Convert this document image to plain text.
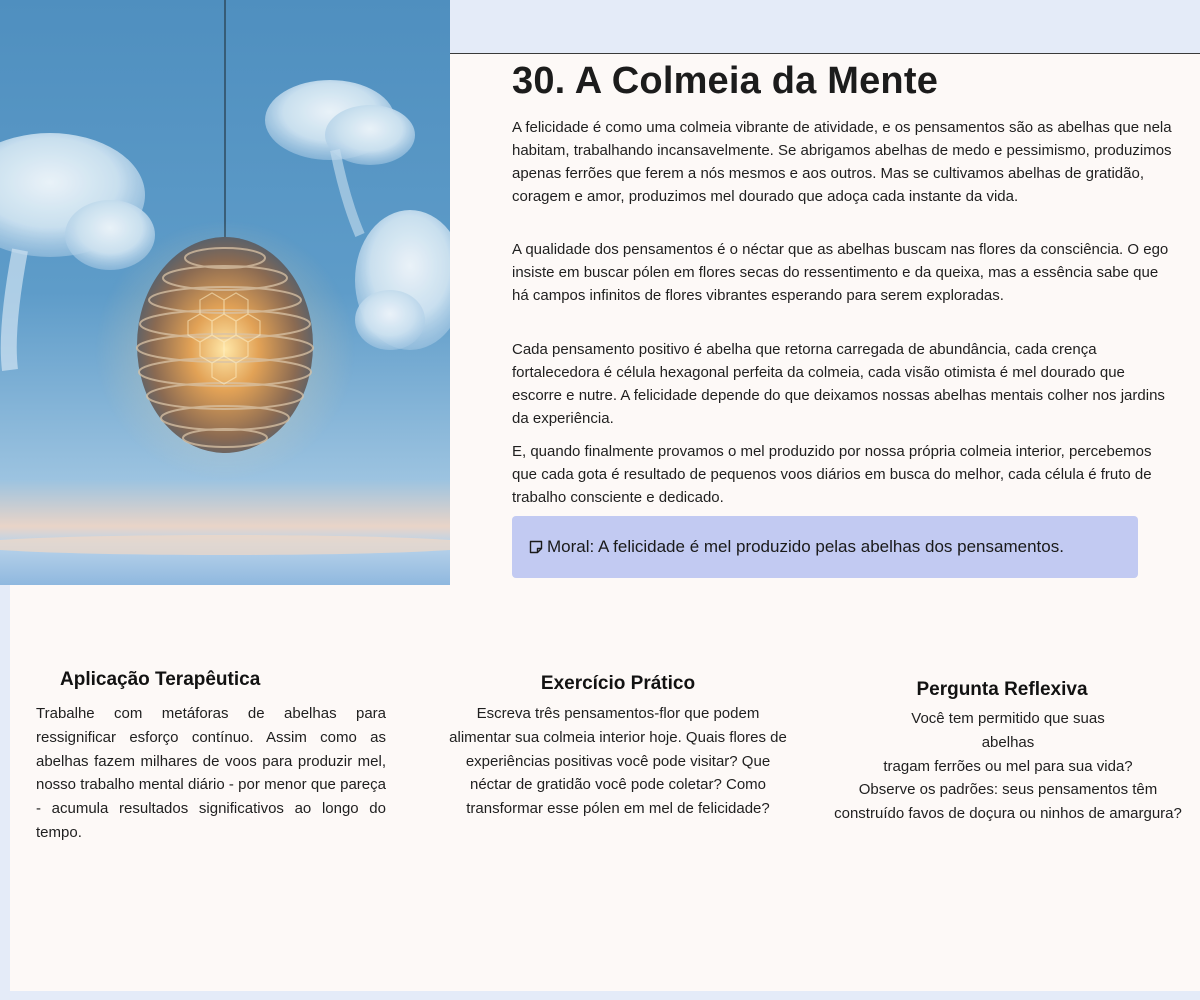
30. A Colmeia da Mente

A felicidade é como uma colmeia vibrante de atividade, e os pensamentos são as abelhas que nela habitam, trabalhando incansavelmente. Se abrigamos abelhas de medo e pessimismo, produzimos apenas ferrões que ferem a nós mesmos e aos outros. Mas se cultivamos abelhas de gratidão, coragem e amor, produzimos mel dourado que adoça cada instante da vida.

A qualidade dos pensamentos é o néctar que as abelhas buscam nas flores da consciência. O ego insiste em buscar pólen em flores secas do ressentimento e da queixa, mas a essência sabe que há campos infinitos de flores vibrantes esperando para serem exploradas.

Cada pensamento positivo é abelha que retorna carregada de abundância, cada crença fortalecedora é célula hexagonal perfeita da colmeia, cada visão otimista é mel dourado que escorre e nutre. A felicidade depende do que deixamos nossas abelhas mentais colher nos jardins da experiência.

E, quando finalmente provamos o mel produzido por nossa própria colmeia interior, percebemos que cada gota é resultado de pequenos voos diários em busca do melhor, cada célula é fruto de trabalho consciente e dedicado.

Moral: A felicidade é mel produzido pelas abelhas dos pensamentos.
Aplicação Terapêutica

Trabalhe com metáforas de abelhas para ressignificar esforço contínuo. Assim como as abelhas fazem milhares de voos para produzir mel, nosso trabalho mental diário - por menor que pareça - acumula resultados significativos ao longo do tempo.

Exercício Prático

Escreva três pensamentos-flor que podem alimentar sua colmeia interior hoje. Quais flores de experiências positivas você pode visitar? Que néctar de gratidão você pode coletar? Como transformar esse pólen em mel de felicidade?

Pergunta Reflexiva
Você tem permitido que suas
abelhas
tragam ferrões ou mel para sua vida?
Observe os padrões: seus pensamentos têm construído favos de doçura ou ninhos de amargura?
